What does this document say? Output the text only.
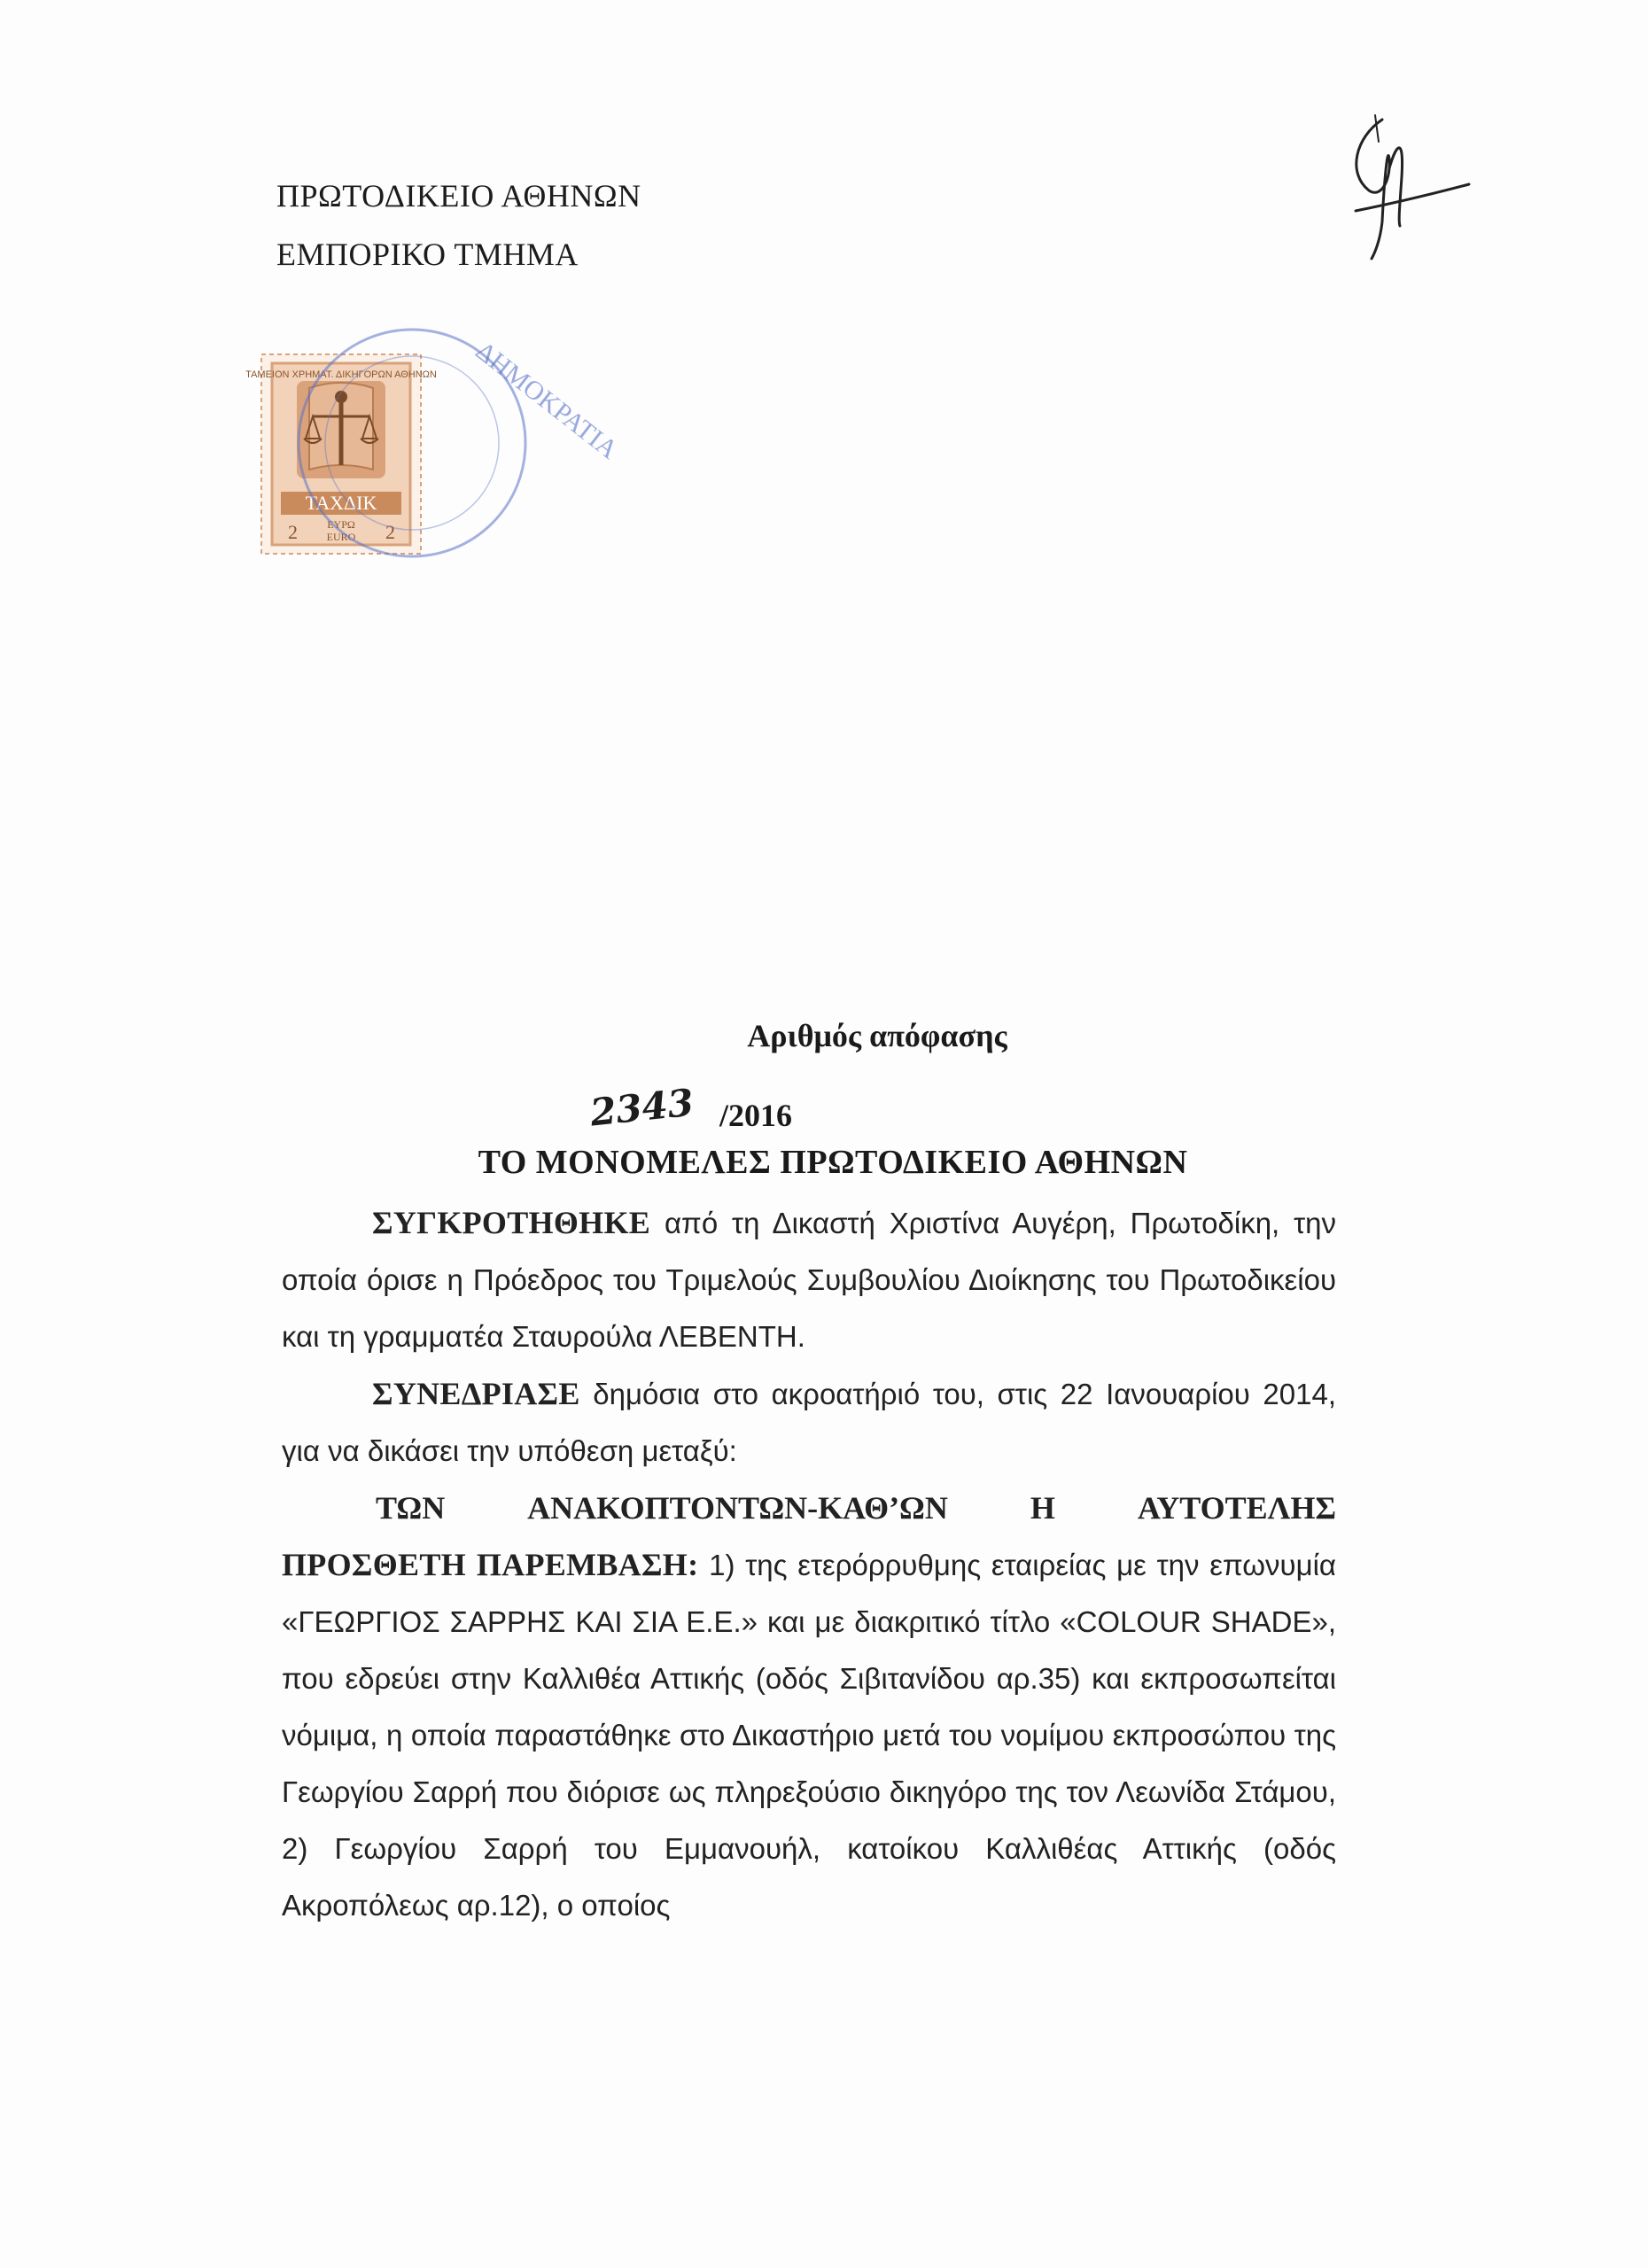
ΠΡΩΤΟΔΙΚΕΙΟ ΑΘΗΝΩΝ
ΕΜΠΟΡΙΚΟ ΤΜΗΜΑ
ΤΑΧΔΙΚ
2	2
ΕΥΡΩ
EURO
ΤΑΜΕΙΟΝ ΧΡΗΜΑΤ. ΔΙΚΗΓΟΡΩΝ ΑΘΗΝΩΝ ΔΗΜΟΚΡΑΤΙΑ
Αριθμός απόφασης
2343 /2016
ΤΟ ΜΟΝΟΜΕΛΕΣ ΠΡΩΤΟΔΙΚΕΙΟ ΑΘΗΝΩΝ

ΣΥΓΚΡΟΤΗΘΗΚΕ από τη Δικαστή Χριστίνα Αυγέρη, Πρωτοδίκη, την οποία όρισε η Πρόεδρος του Τριμελούς Συμβουλίου Διοίκησης του Πρωτοδικείου και τη γραμματέα Σταυρούλα ΛΕΒΕΝΤΗ.

ΣΥΝΕΔΡΙΑΣΕ δημόσια στο ακροατήριό του, στις 22 Ιανουαρίου 2014, για να δικάσει την υπόθεση μεταξύ:

ΤΩΝ	ΑΝΑΚΟΠΤΟΝΤΩΝ-ΚΑΘ’ΩΝ	Η	ΑΥΤΟΤΕΛΗΣ

ΠΡΟΣΘΕΤΗ ΠΑΡΕΜΒΑΣΗ: 1) της ετερόρρυθμης εταιρείας με την επωνυμία «ΓΕΩΡΓΙΟΣ ΣΑΡΡΗΣ ΚΑΙ ΣΙΑ Ε.Ε.» και με διακριτικό τίτλο «COLOUR SHADE», που εδρεύει στην Καλλιθέα Αττικής (οδός Σιβιτανίδου αρ.35) και εκπροσωπείται νόμιμα, η οποία παραστάθηκε στο Δικαστήριο μετά του νομίμου εκπροσώπου της Γεωργίου Σαρρή που διόρισε ως πληρεξούσιο δικηγόρο της τον Λεωνίδα Στάμου, 2) Γεωργίου Σαρρή του Εμμανουήλ, κατοίκου Καλλιθέας Αττικής (οδός Ακροπόλεως αρ.12), ο οποίος
